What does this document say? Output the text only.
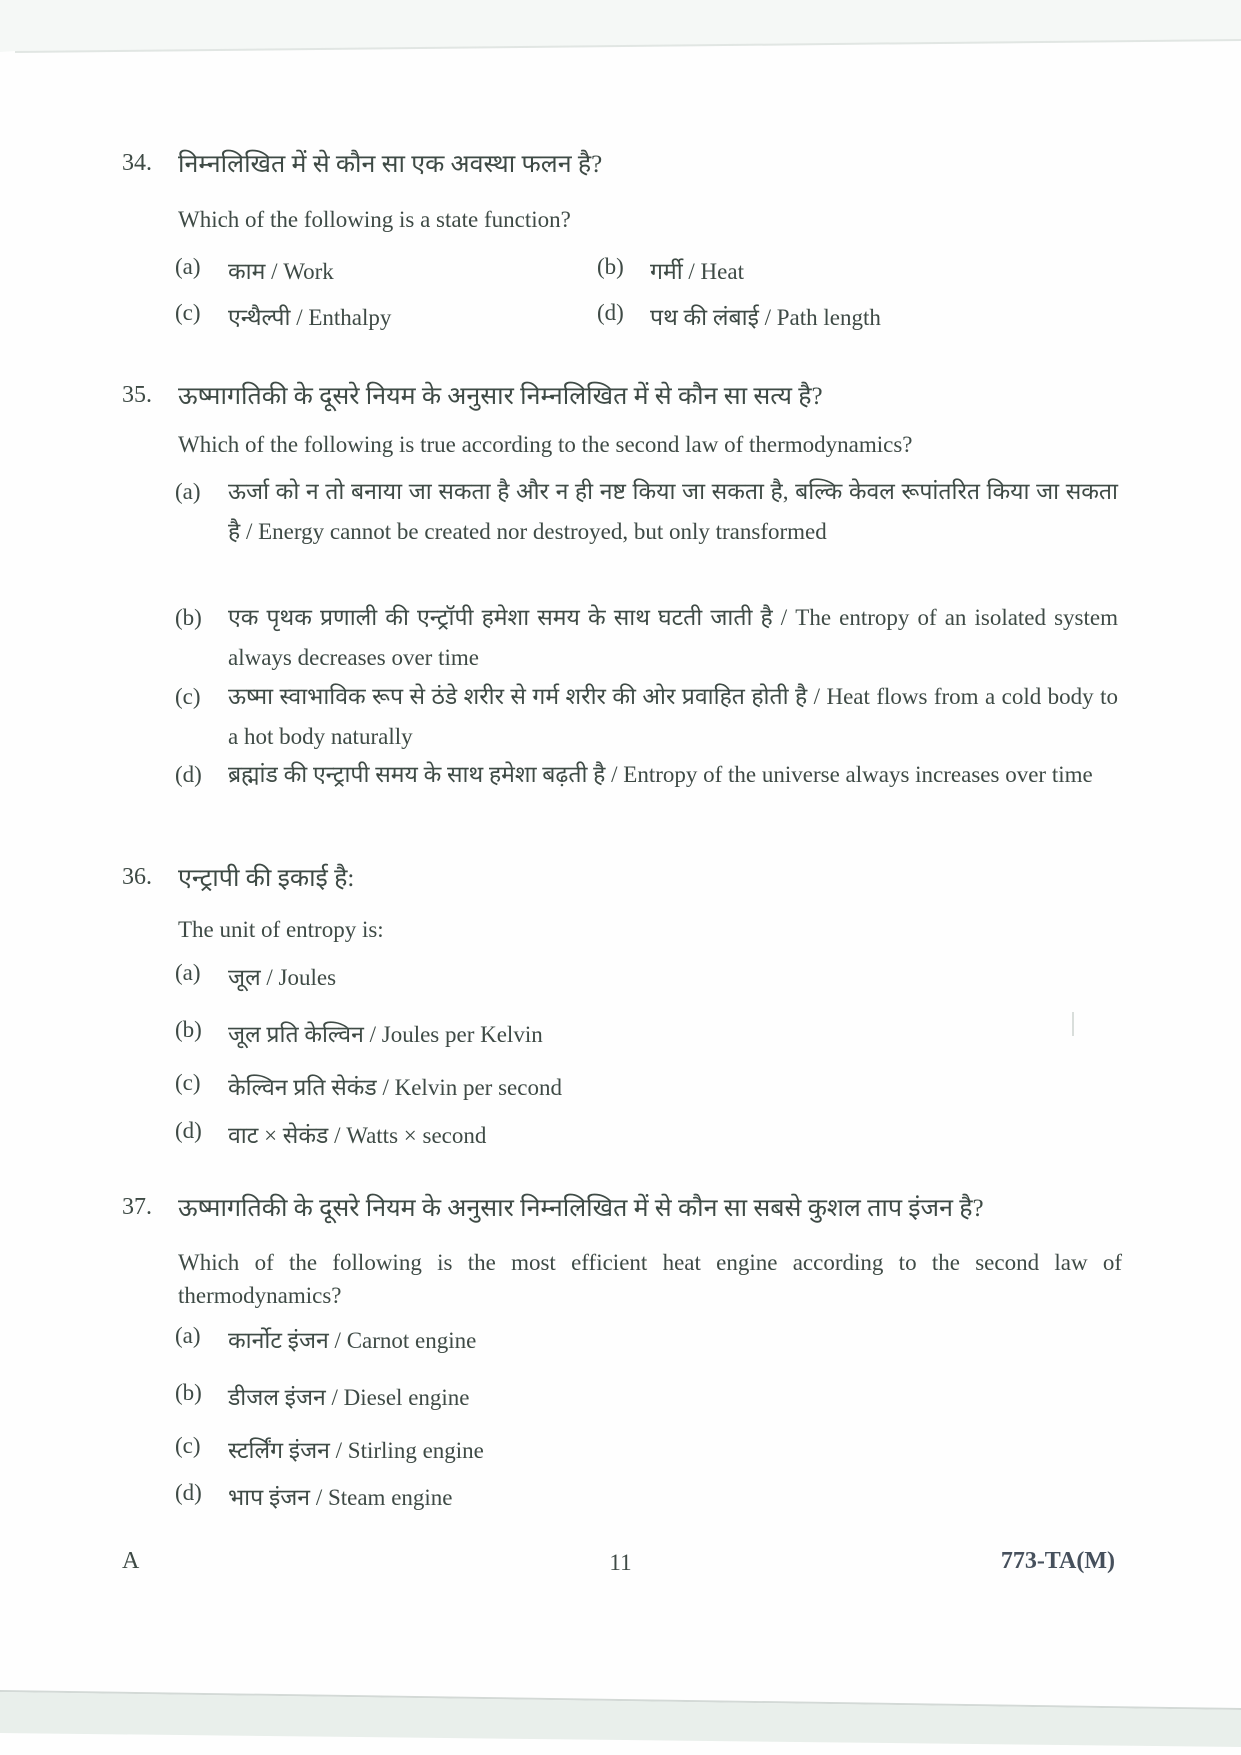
34. निम्नलिखित में से कौन सा एक अवस्था फलन है?
Which of the following is a state function?
(a) काम / Work	(b) गर्मी / Heat
(c) एन्थैल्पी / Enthalpy	(d) पथ की लंबाई / Path length
35. ऊष्मागतिकी के दूसरे नियम के अनुसार निम्नलिखित में से कौन सा सत्य है?
Which of the following is true according to the second law of thermodynamics?
(a) ऊर्जा को न तो बनाया जा सकता है और न ही नष्ट किया जा सकता है, बल्कि केवल रूपांतरित किया जा सकता है / Energy cannot be created nor destroyed, but only transformed
(b) एक पृथक प्रणाली की एन्ट्रॉपी हमेशा समय के साथ घटती जाती है / The entropy of an isolated system always decreases over time
(c) ऊष्मा स्वाभाविक रूप से ठंडे शरीर से गर्म शरीर की ओर प्रवाहित होती है / Heat flows from a cold body to a hot body naturally
(d) ब्रह्मांड की एन्ट्रापी समय के साथ हमेशा बढ़ती है / Entropy of the universe always increases over time
36. एन्ट्रापी की इकाई है:
The unit of entropy is:
(a) जूल / Joules
(b) जूल प्रति केल्विन / Joules per Kelvin
(c) केल्विन प्रति सेकंड / Kelvin per second
(d) वाट × सेकंड / Watts × second
37. ऊष्मागतिकी के दूसरे नियम के अनुसार निम्नलिखित में से कौन सा सबसे कुशल ताप इंजन है?
Which of the following is the most efficient heat engine according to the second law of thermodynamics?
(a) कार्नोट इंजन / Carnot engine
(b) डीजल इंजन / Diesel engine
(c) स्टर्लिंग इंजन / Stirling engine
(d) भाप इंजन / Steam engine
A	11	773-TA(M)
